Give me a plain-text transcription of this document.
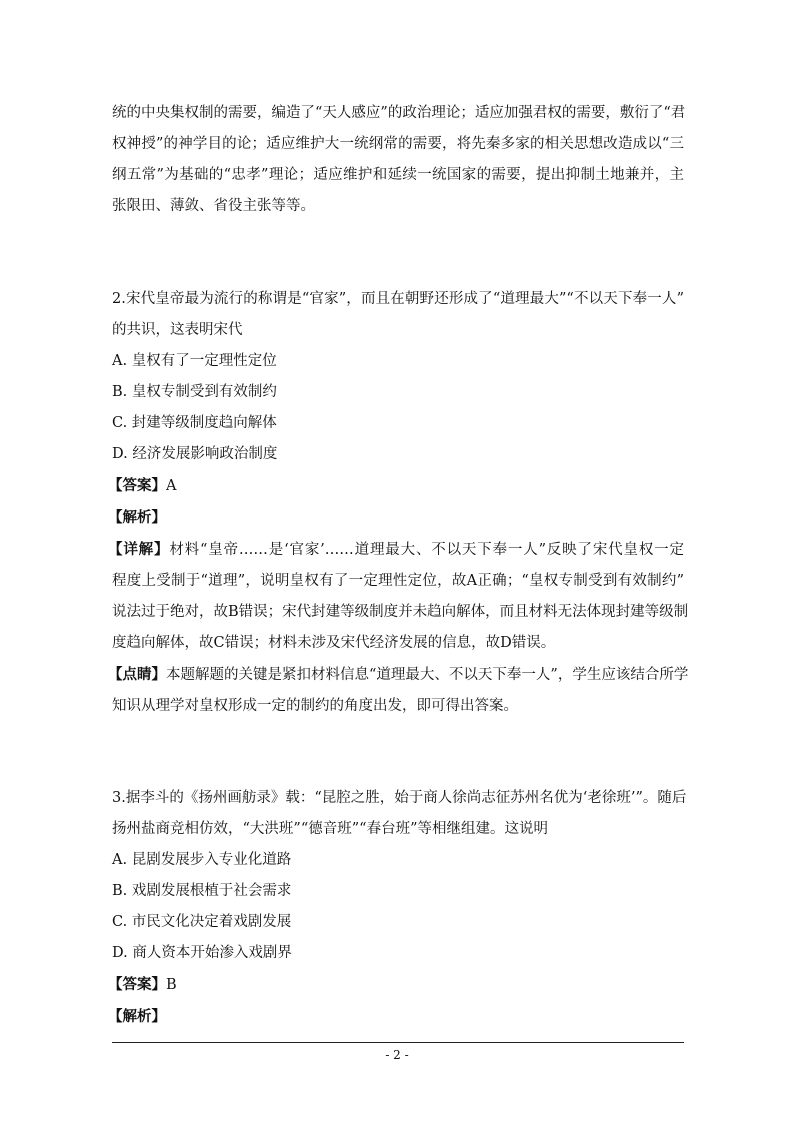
统的中央集权制的需要，编造了“天人感应”的政治理论；适应加强君权的需要，敷衍了“君
权神授”的神学目的论；适应维护大一统纲常的需要，将先秦多家的相关思想改造成以“三
纲五常”为基础的“忠孝”理论；适应维护和延续一统国家的需要，提出抑制土地兼并，主
张限田、薄敛、省役主张等等。

2.宋代皇帝最为流行的称谓是“官家”，而且在朝野还形成了“道理最大”“不以天下奉一人”
的共识，这表明宋代

A. 皇权有了一定理性定位
B. 皇权专制受到有效制约
C. 封建等级制度趋向解体
D. 经济发展影响政治制度

【答案】A

【解析】

【详解】材料“皇帝……是‘官家’……道理最大、不以天下奉一人”反映了宋代皇权一定
程度上受制于“道理”，说明皇权有了一定理性定位，故A正确；“皇权专制受到有效制约”
说法过于绝对，故B错误；宋代封建等级制度并未趋向解体，而且材料无法体现封建等级制
度趋向解体，故C错误；材料未涉及宋代经济发展的信息，故D错误。

【点睛】本题解题的关键是紧扣材料信息“道理最大、不以天下奉一人”，学生应该结合所学
知识从理学对皇权形成一定的制约的角度出发，即可得出答案。

3.据李斗的《扬州画舫录》载：“昆腔之胜，始于商人徐尚志征苏州名优为‘老徐班’”。随后
扬州盐商竞相仿效，“大洪班”“德音班”“春台班”等相继组建。这说明

A. 昆剧发展步入专业化道路
B. 戏剧发展根植于社会需求
C. 市民文化决定着戏剧发展
D. 商人资本开始渗入戏剧界

【答案】B

【解析】

- 2 -
